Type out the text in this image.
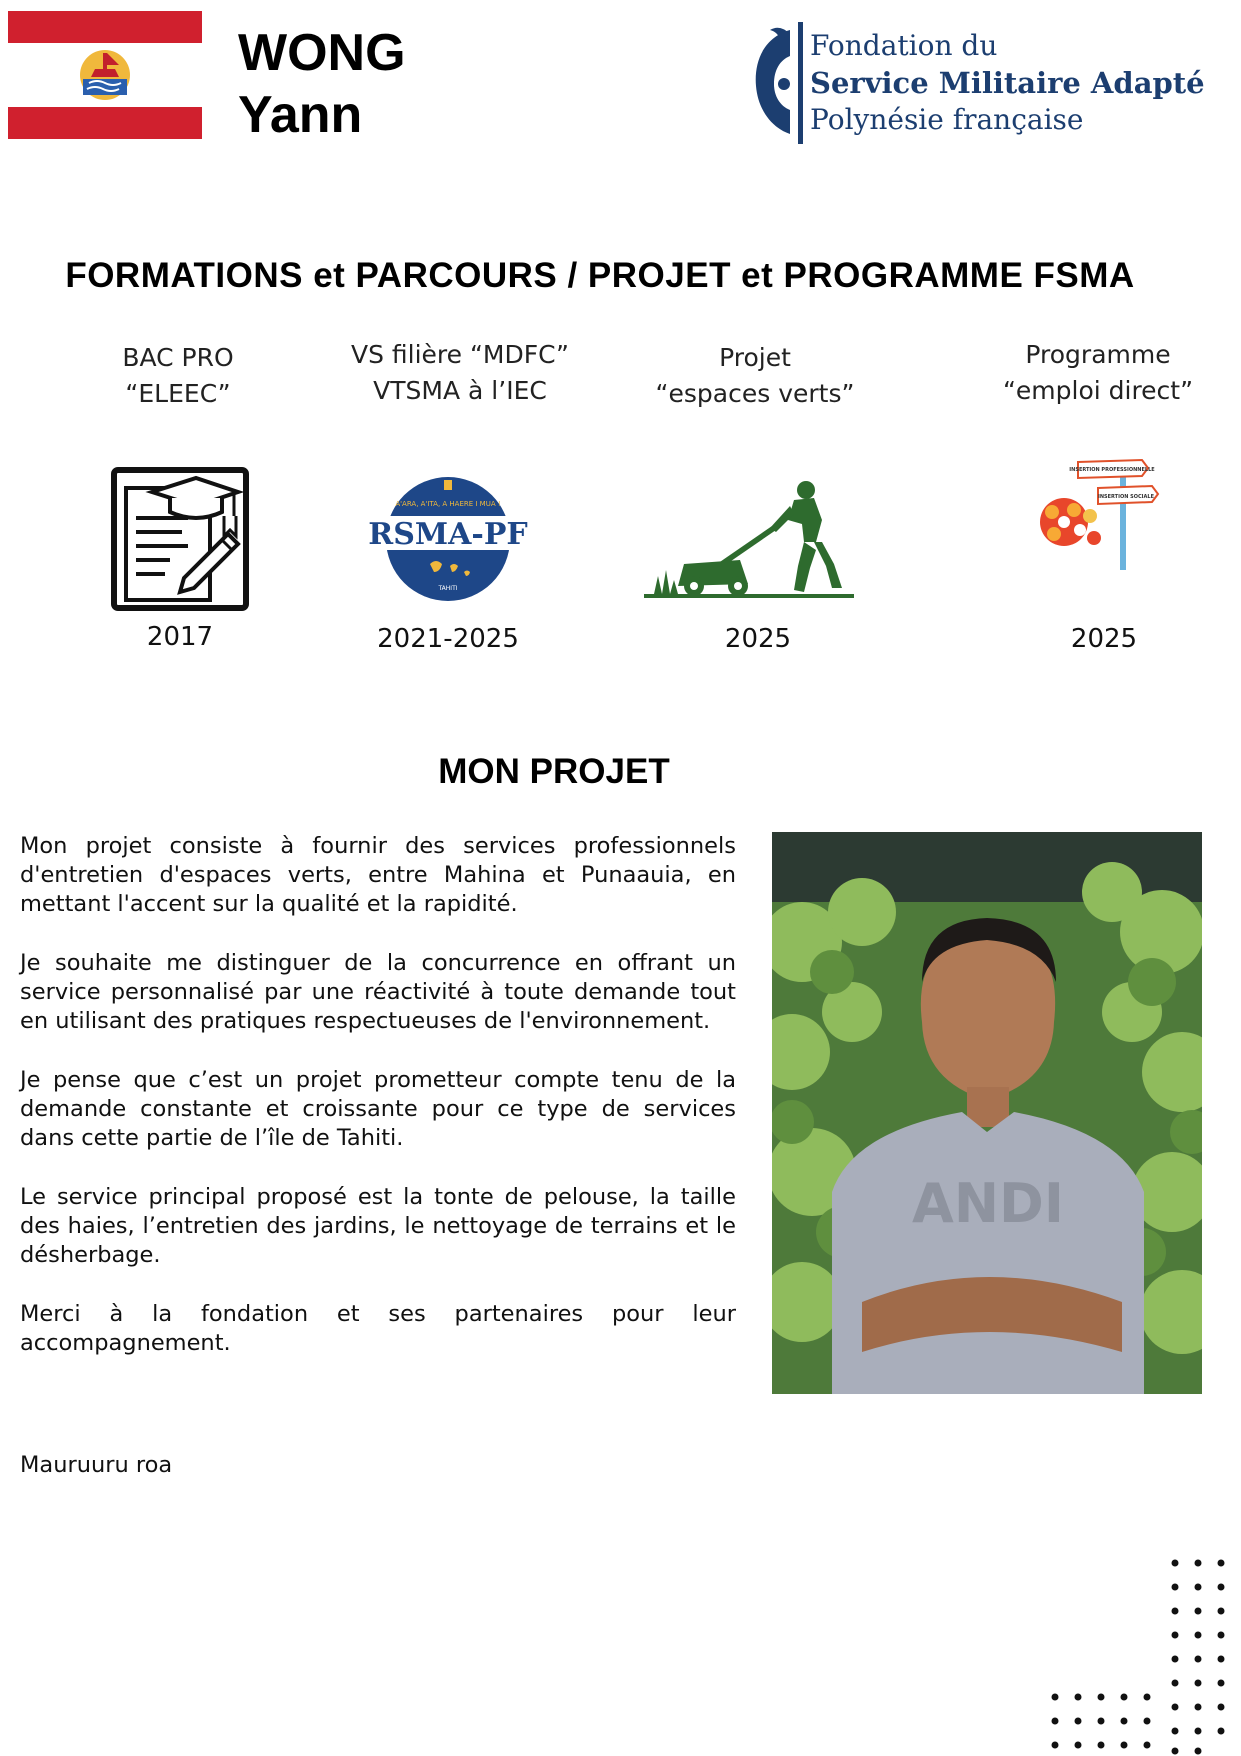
WONG
Yann
Fondation du
Service Militaire Adapté
Polynésie française
FORMATIONS et PARCOURS / PROJET et PROGRAMME FSMA
BAC PRO
“ELEEC”
2017
VS filière “MDFC”
VTSMA à l’IEC
A'ARA, A'ITA, A HAERE I MUA !
RSMA-PF
TAHITI
2021-2025
Projet
“espaces verts”
2025
Programme
“emploi direct”
INSERTION PROFESSIONNELLE
INSERTION SOCIALE
2025
MON PROJET

Mon projet consiste à fournir des services professionnels d'entretien d'espaces verts, entre Mahina et Punaauia, en mettant l'accent sur la qualité et la rapidité.

Je souhaite me distinguer de la concurrence en offrant un service personnalisé par une réactivité à toute demande tout en utilisant des pratiques respectueuses de l'environnement.

Je pense que c’est un projet prometteur compte tenu de la demande constante et croissante pour ce type de services dans cette partie de l’île de Tahiti.

Le service principal proposé est la tonte de pelouse, la taille des haies, l’entretien des jardins, le nettoyage de terrains et le désherbage.

Merci à la fondation et ses partenaires pour leur accompagnement.

ANDI
Mauruuru roa
